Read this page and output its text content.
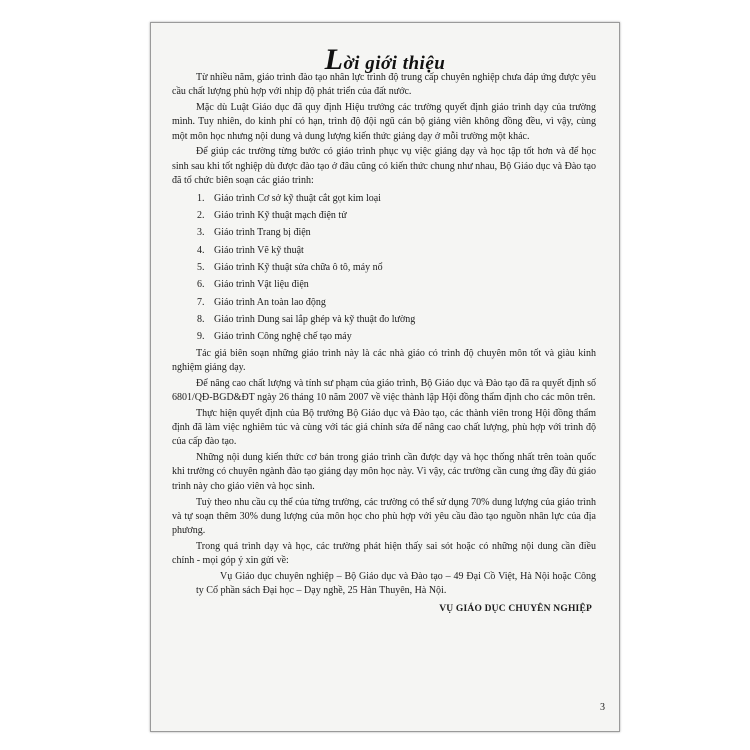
Lời giới thiệu

Từ nhiều năm, giáo trình đào tạo nhân lực trình độ trung cấp chuyên nghiệp chưa đáp ứng được yêu cầu chất lượng phù hợp với nhịp độ phát triển của đất nước.

Mặc dù Luật Giáo dục đã quy định Hiệu trưởng các trường quyết định giáo trình dạy của trường mình. Tuy nhiên, do kinh phí có hạn, trình độ đội ngũ cán bộ giảng viên không đồng đều, vì vậy, cùng một môn học nhưng nội dung và dung lượng kiến thức giảng dạy ở mỗi trường một khác.

Để giúp các trường từng bước có giáo trình phục vụ việc giảng dạy và học tập tốt hơn và để học sinh sau khi tốt nghiệp dù được đào tạo ở đâu cũng có kiến thức chung như nhau, Bộ Giáo dục và Đào tạo đã tổ chức biên soạn các giáo trình:

1. Giáo trình Cơ sở kỹ thuật cắt gọt kim loại
2. Giáo trình Kỹ thuật mạch điện tử
3. Giáo trình Trang bị điện
4. Giáo trình Vẽ kỹ thuật
5. Giáo trình Kỹ thuật sửa chữa ô tô, máy nổ
6. Giáo trình Vật liệu điện
7. Giáo trình An toàn lao động
8. Giáo trình Dung sai lắp ghép và kỹ thuật đo lường
9. Giáo trình Công nghệ chế tạo máy

Tác giả biên soạn những giáo trình này là các nhà giáo có trình độ chuyên môn tốt và giàu kinh nghiệm giảng dạy.

Để nâng cao chất lượng và tính sư phạm của giáo trình, Bộ Giáo dục và Đào tạo đã ra quyết định số 6801/QĐ-BGD&ĐT ngày 26 tháng 10 năm 2007 về việc thành lập Hội đồng thẩm định cho các môn trên.

Thực hiện quyết định của Bộ trưởng Bộ Giáo dục và Đào tạo, các thành viên trong Hội đồng thẩm định đã làm việc nghiêm túc và cùng với tác giả chỉnh sửa để nâng cao chất lượng, phù hợp với trình độ của cấp đào tạo.

Những nội dung kiến thức cơ bản trong giáo trình cần được dạy và học thống nhất trên toàn quốc khi trường có chuyên ngành đào tạo giảng dạy môn học này. Vì vậy, các trường cần cung ứng đầy đủ giáo trình này cho giáo viên và học sinh.

Tuỳ theo nhu cầu cụ thể của từng trường, các trường có thể sử dụng 70% dung lượng của giáo trình và tự soạn thêm 30% dung lượng của môn học cho phù hợp với yêu cầu đào tạo nguồn nhân lực của địa phương.

Trong quá trình dạy và học, các trường phát hiện thấy sai sót hoặc có những nội dung cần điều chỉnh - mọi góp ý xin gửi về:

Vụ Giáo dục chuyên nghiệp – Bộ Giáo dục và Đào tạo – 49 Đại Cồ Việt, Hà Nội hoặc Công ty Cổ phần sách Đại học – Dạy nghề, 25 Hàn Thuyên, Hà Nội.

VỤ GIÁO DỤC CHUYÊN NGHIỆP
3
